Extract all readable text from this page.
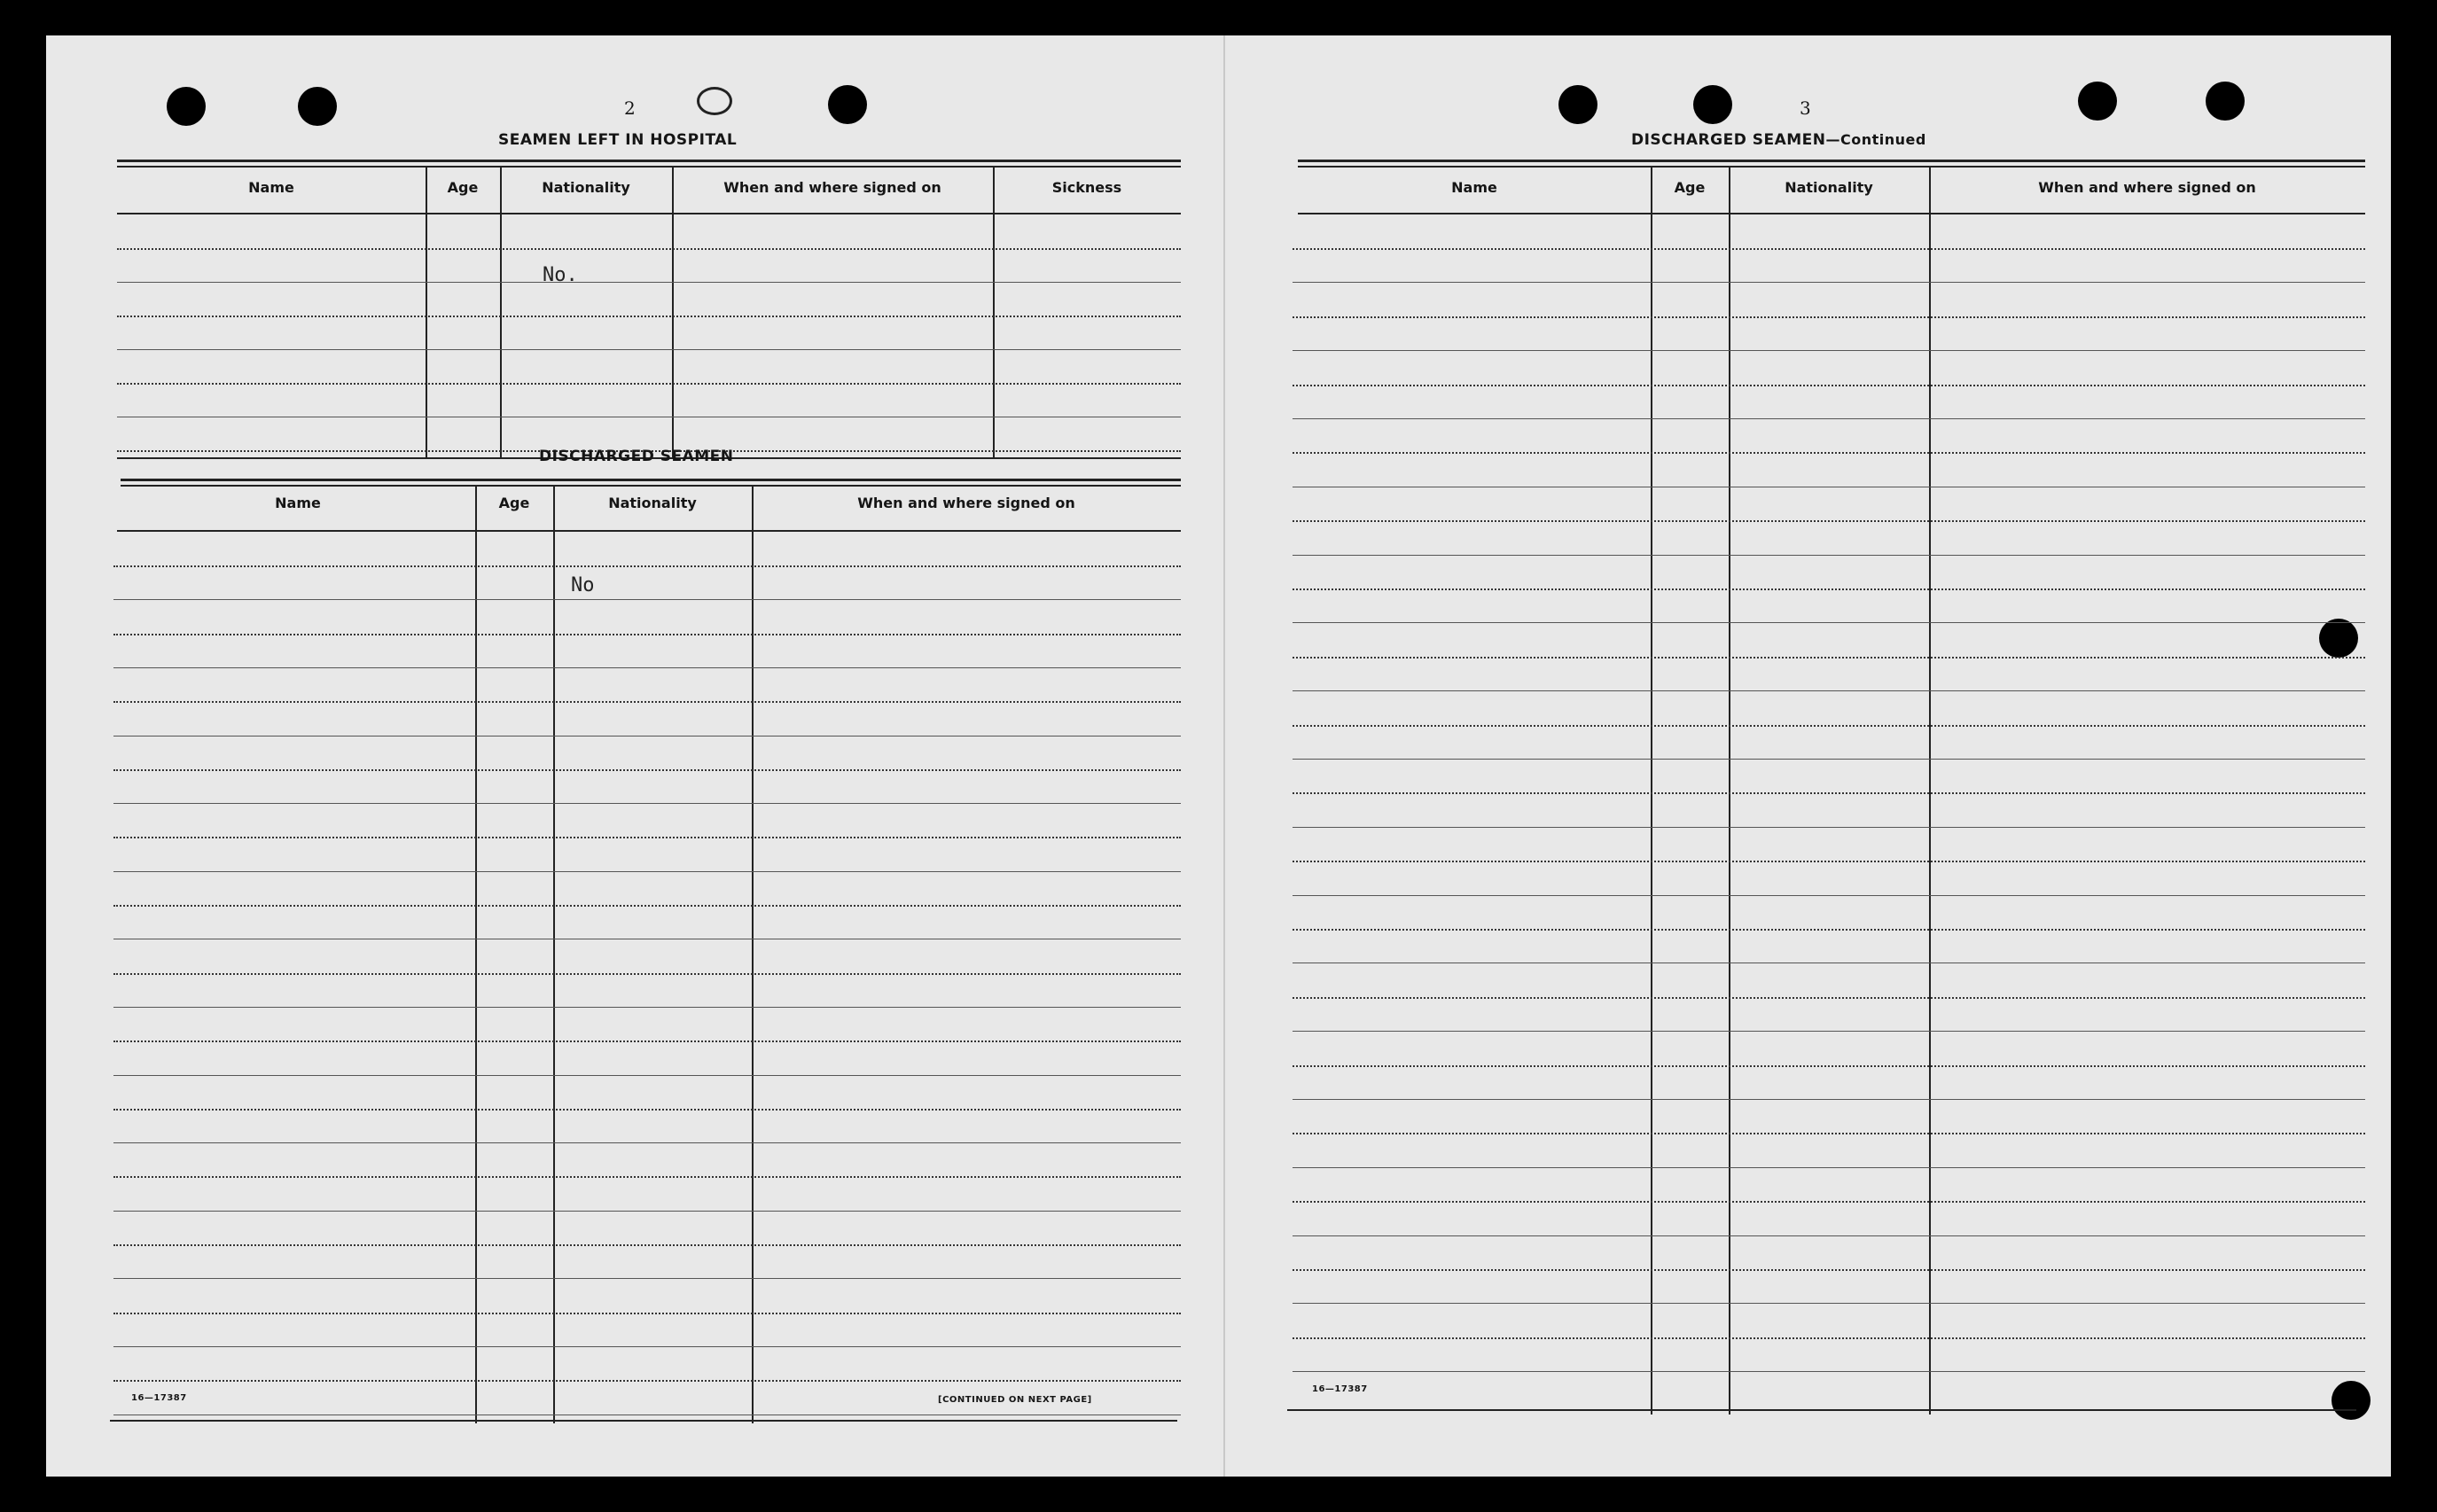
2
SEAMEN LEFT IN HOSPITAL
Name	Age	Nationality	When and where signed on	Sickness
No.
DISCHARGED SEAMEN
Name	Age	Nationality	When and where signed on
No
16—17387	[CONTINUED ON NEXT PAGE]
3
DISCHARGED SEAMEN—Continued
Name	Age	Nationality	When and where signed on
16—17387
